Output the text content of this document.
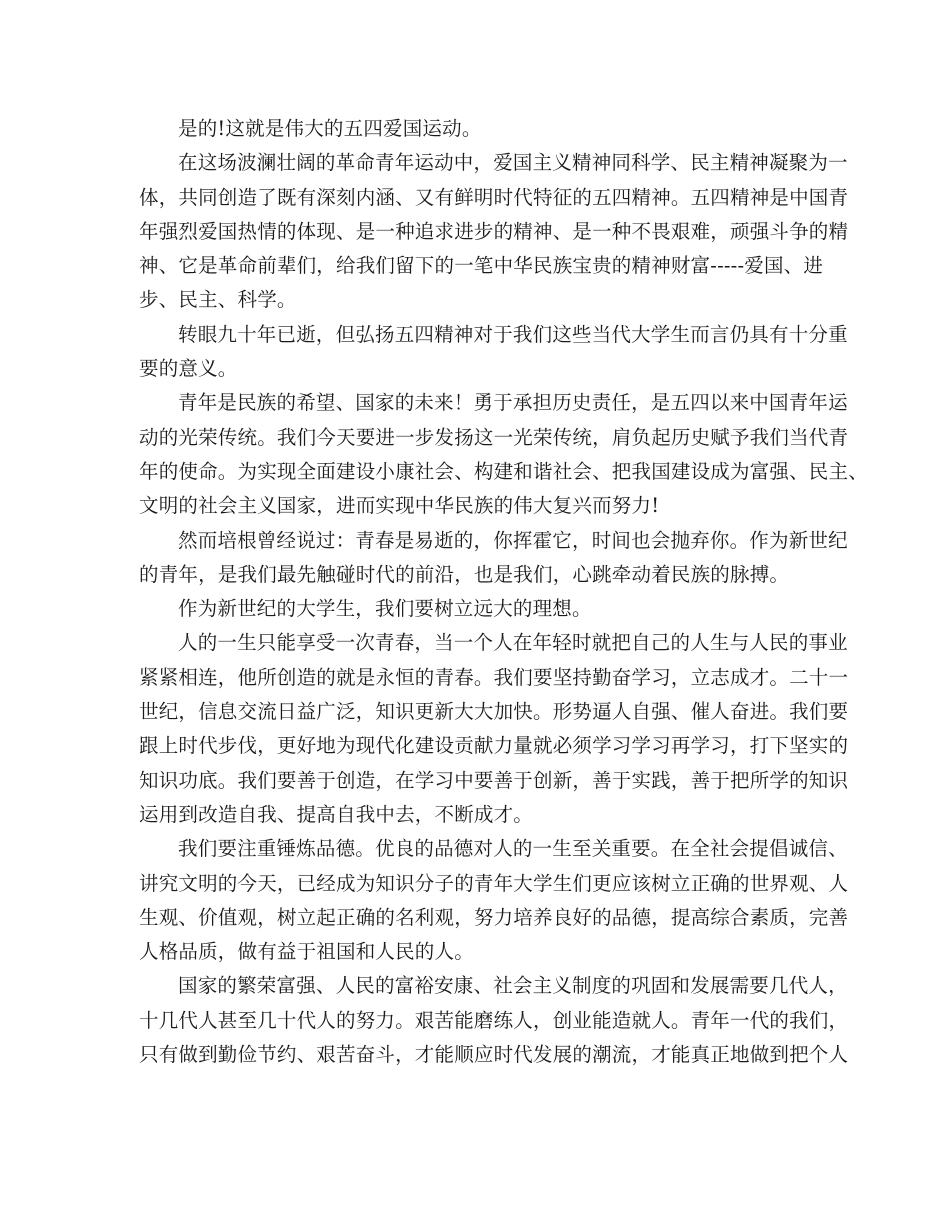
是的!这就是伟大的五四爱国运动。
在这场波澜壮阔的革命青年运动中，爱国主义精神同科学、民主精神凝聚为一
体，共同创造了既有深刻内涵、又有鲜明时代特征的五四精神。五四精神是中国青
年强烈爱国热情的体现、是一种追求进步的精神、是一种不畏艰难，顽强斗争的精
神、它是革命前辈们，给我们留下的一笔中华民族宝贵的精神财富-----爱国、进
步、民主、科学。
转眼九十年已逝，但弘扬五四精神对于我们这些当代大学生而言仍具有十分重
要的意义。
青年是民族的希望、国家的未来！勇于承担历史责任，是五四以来中国青年运
动的光荣传统。我们今天要进一步发扬这一光荣传统，肩负起历史赋予我们当代青
年的使命。为实现全面建设小康社会、构建和谐社会、把我国建设成为富强、民主、
文明的社会主义国家，进而实现中华民族的伟大复兴而努力!
然而培根曾经说过：青春是易逝的，你挥霍它，时间也会抛弃你。作为新世纪
的青年，是我们最先触碰时代的前沿，也是我们，心跳牵动着民族的脉搏。
作为新世纪的大学生，我们要树立远大的理想。
人的一生只能享受一次青春，当一个人在年轻时就把自己的人生与人民的事业
紧紧相连，他所创造的就是永恒的青春。我们要坚持勤奋学习，立志成才。二十一
世纪，信息交流日益广泛，知识更新大大加快。形势逼人自强、催人奋进。我们要
跟上时代步伐，更好地为现代化建设贡献力量就必须学习学习再学习，打下坚实的
知识功底。我们要善于创造，在学习中要善于创新，善于实践，善于把所学的知识
运用到改造自我、提高自我中去，不断成才。
我们要注重锤炼品德。优良的品德对人的一生至关重要。在全社会提倡诚信、
讲究文明的今天，已经成为知识分子的青年大学生们更应该树立正确的世界观、人
生观、价值观，树立起正确的名利观，努力培养良好的品德，提高综合素质，完善
人格品质，做有益于祖国和人民的人。
国家的繁荣富强、人民的富裕安康、社会主义制度的巩固和发展需要几代人，
十几代人甚至几十代人的努力。艰苦能磨练人，创业能造就人。青年一代的我们，
只有做到勤俭节约、艰苦奋斗，才能顺应时代发展的潮流，才能真正地做到把个人
